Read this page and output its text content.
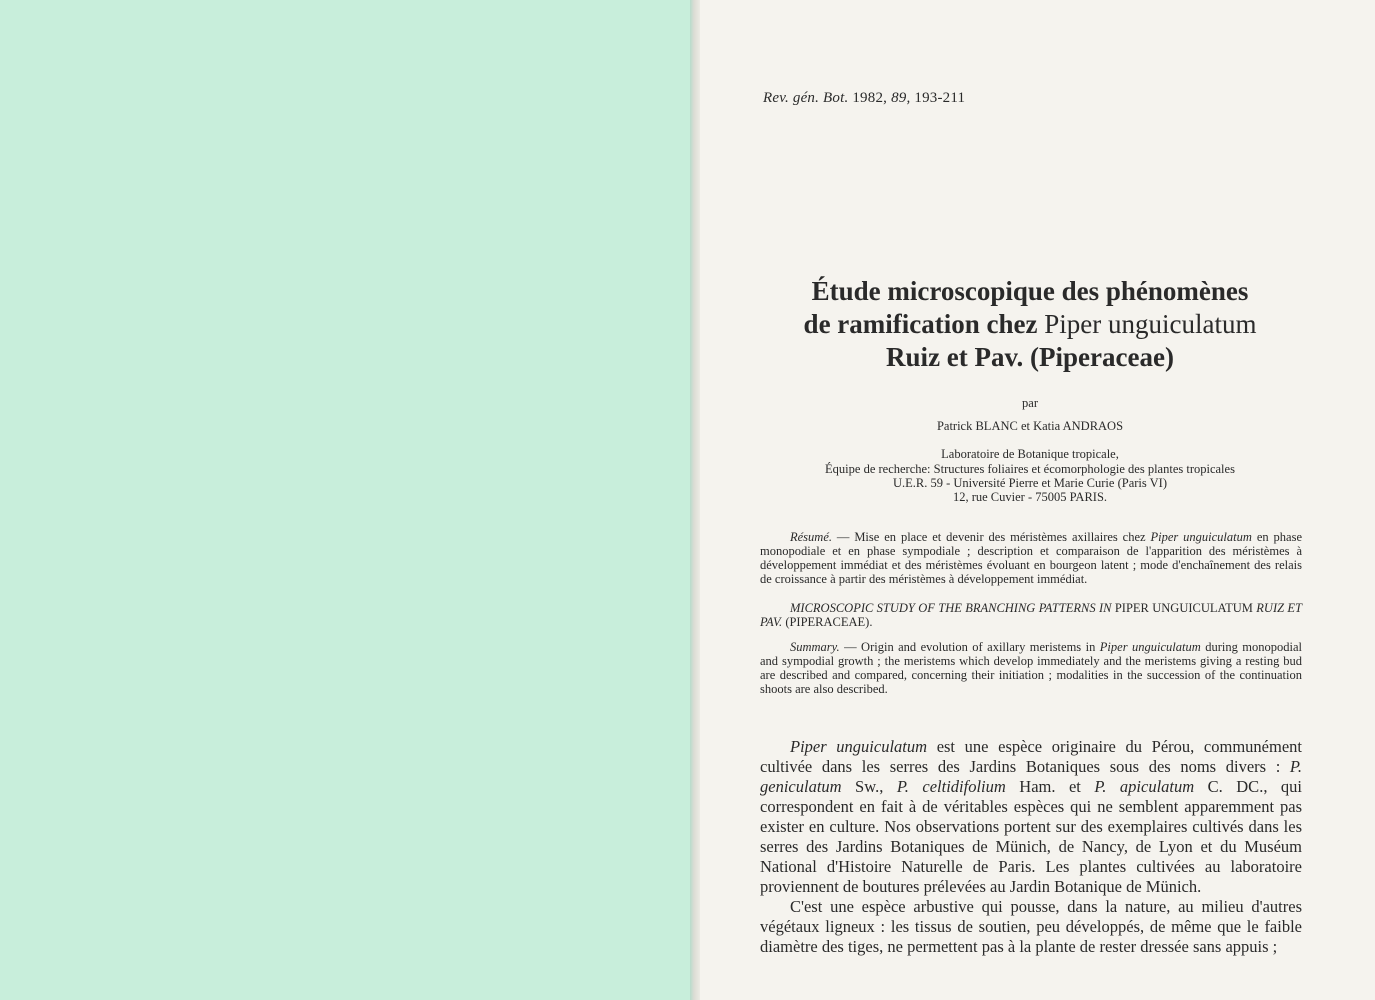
Rev. gén. Bot. 1982, 89, 193-211
Étude microscopique des phénomènes
de ramification chez Piper unguiculatum
Ruiz et Pav. (Piperaceae)
par
Patrick BLANC et Katia ANDRAOS
Laboratoire de Botanique tropicale,
Équipe de recherche: Structures foliaires et écomorphologie des plantes tropicales
U.E.R. 59 - Université Pierre et Marie Curie (Paris VI)
12, rue Cuvier - 75005 PARIS.
Résumé. — Mise en place et devenir des méristèmes axillaires chez Piper unguiculatum en phase monopodiale et en phase sympodiale ; description et comparaison de l'apparition des méristèmes à développement immédiat et des méristèmes évoluant en bourgeon latent ; mode d'enchaînement des relais de croissance à partir des méristèmes à développement immédiat.
MICROSCOPIC STUDY OF THE BRANCHING PATTERNS IN PIPER UNGUICULATUM RUIZ ET PAV. (PIPERACEAE).
Summary. — Origin and evolution of axillary meristems in Piper unguiculatum during monopodial and sympodial growth ; the meristems which develop immediately and the meristems giving a resting bud are described and compared, concerning their initiation ; modalities in the succession of the continuation shoots are also described.
Piper unguiculatum est une espèce originaire du Pérou, communément cultivée dans les serres des Jardins Botaniques sous des noms divers : P. geniculatum Sw., P. celtidifolium Ham. et P. apiculatum C. DC., qui correspondent en fait à de véritables espèces qui ne semblent apparemment pas exister en culture. Nos observations portent sur des exemplaires cultivés dans les serres des Jardins Botaniques de Münich, de Nancy, de Lyon et du Muséum National d'Histoire Naturelle de Paris. Les plantes cultivées au laboratoire proviennent de boutures prélevées au Jardin Botanique de Münich.
C'est une espèce arbustive qui pousse, dans la nature, au milieu d'autres végétaux ligneux : les tissus de soutien, peu développés, de même que le faible diamètre des tiges, ne permettent pas à la plante de rester dressée sans appuis ;
